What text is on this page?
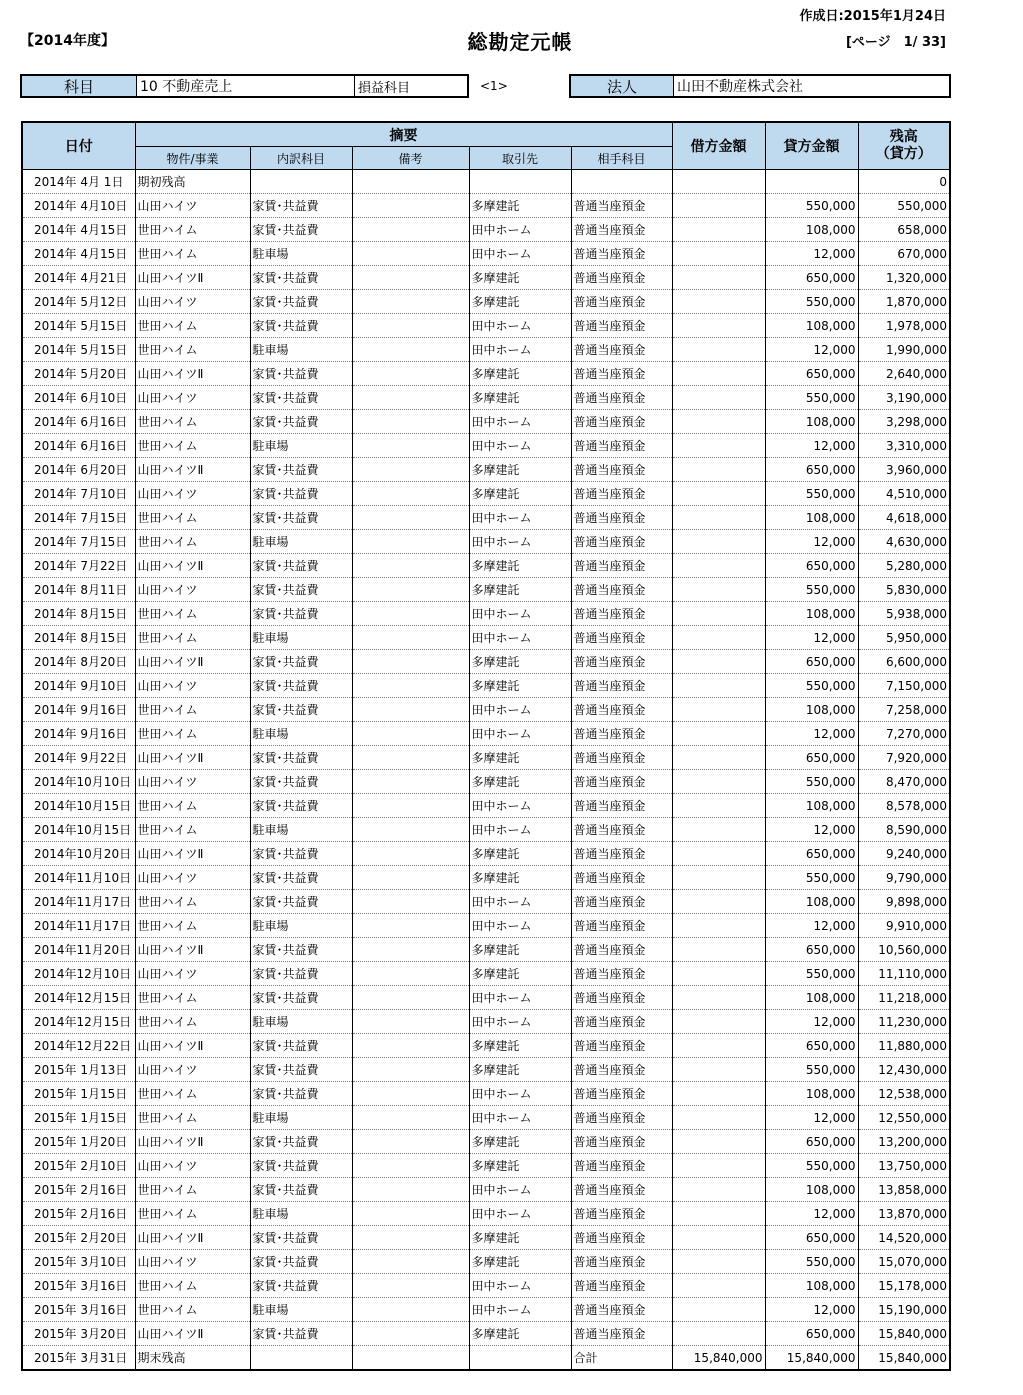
作成日:2015年1月24日
【2014年度】	総勘定元帳	[ページ　1/ 33]
科目	10 不動産売上	損益科目	<1>	法人	山田不動産株式会社
日付	摘要					借方金額	貸方金額	残高
（貸方）
	物件/事業	内訳科目	備考	取引先	相手科目			
2014年 4月 1日	期初残高							0
2014年 4月10日	山田ハイツ	家賃･共益費		多摩建託	普通当座預金		550,000	550,000
2014年 4月15日	世田ハイム	家賃･共益費		田中ホーム	普通当座預金		108,000	658,000
2014年 4月15日	世田ハイム	駐車場		田中ホーム	普通当座預金		12,000	670,000
2014年 4月21日	山田ハイツⅡ	家賃･共益費		多摩建託	普通当座預金		650,000	1,320,000
2014年 5月12日	山田ハイツ	家賃･共益費		多摩建託	普通当座預金		550,000	1,870,000
2014年 5月15日	世田ハイム	家賃･共益費		田中ホーム	普通当座預金		108,000	1,978,000
2014年 5月15日	世田ハイム	駐車場		田中ホーム	普通当座預金		12,000	1,990,000
2014年 5月20日	山田ハイツⅡ	家賃･共益費		多摩建託	普通当座預金		650,000	2,640,000
2014年 6月10日	山田ハイツ	家賃･共益費		多摩建託	普通当座預金		550,000	3,190,000
2014年 6月16日	世田ハイム	家賃･共益費		田中ホーム	普通当座預金		108,000	3,298,000
2014年 6月16日	世田ハイム	駐車場		田中ホーム	普通当座預金		12,000	3,310,000
2014年 6月20日	山田ハイツⅡ	家賃･共益費		多摩建託	普通当座預金		650,000	3,960,000
2014年 7月10日	山田ハイツ	家賃･共益費		多摩建託	普通当座預金		550,000	4,510,000
2014年 7月15日	世田ハイム	家賃･共益費		田中ホーム	普通当座預金		108,000	4,618,000
2014年 7月15日	世田ハイム	駐車場		田中ホーム	普通当座預金		12,000	4,630,000
2014年 7月22日	山田ハイツⅡ	家賃･共益費		多摩建託	普通当座預金		650,000	5,280,000
2014年 8月11日	山田ハイツ	家賃･共益費		多摩建託	普通当座預金		550,000	5,830,000
2014年 8月15日	世田ハイム	家賃･共益費		田中ホーム	普通当座預金		108,000	5,938,000
2014年 8月15日	世田ハイム	駐車場		田中ホーム	普通当座預金		12,000	5,950,000
2014年 8月20日	山田ハイツⅡ	家賃･共益費		多摩建託	普通当座預金		650,000	6,600,000
2014年 9月10日	山田ハイツ	家賃･共益費		多摩建託	普通当座預金		550,000	7,150,000
2014年 9月16日	世田ハイム	家賃･共益費		田中ホーム	普通当座預金		108,000	7,258,000
2014年 9月16日	世田ハイム	駐車場		田中ホーム	普通当座預金		12,000	7,270,000
2014年 9月22日	山田ハイツⅡ	家賃･共益費		多摩建託	普通当座預金		650,000	7,920,000
2014年10月10日	山田ハイツ	家賃･共益費		多摩建託	普通当座預金		550,000	8,470,000
2014年10月15日	世田ハイム	家賃･共益費		田中ホーム	普通当座預金		108,000	8,578,000
2014年10月15日	世田ハイム	駐車場		田中ホーム	普通当座預金		12,000	8,590,000
2014年10月20日	山田ハイツⅡ	家賃･共益費		多摩建託	普通当座預金		650,000	9,240,000
2014年11月10日	山田ハイツ	家賃･共益費		多摩建託	普通当座預金		550,000	9,790,000
2014年11月17日	世田ハイム	家賃･共益費		田中ホーム	普通当座預金		108,000	9,898,000
2014年11月17日	世田ハイム	駐車場		田中ホーム	普通当座預金		12,000	9,910,000
2014年11月20日	山田ハイツⅡ	家賃･共益費		多摩建託	普通当座預金		650,000	10,560,000
2014年12月10日	山田ハイツ	家賃･共益費		多摩建託	普通当座預金		550,000	11,110,000
2014年12月15日	世田ハイム	家賃･共益費		田中ホーム	普通当座預金		108,000	11,218,000
2014年12月15日	世田ハイム	駐車場		田中ホーム	普通当座預金		12,000	11,230,000
2014年12月22日	山田ハイツⅡ	家賃･共益費		多摩建託	普通当座預金		650,000	11,880,000
2015年 1月13日	山田ハイツ	家賃･共益費		多摩建託	普通当座預金		550,000	12,430,000
2015年 1月15日	世田ハイム	家賃･共益費		田中ホーム	普通当座預金		108,000	12,538,000
2015年 1月15日	世田ハイム	駐車場		田中ホーム	普通当座預金		12,000	12,550,000
2015年 1月20日	山田ハイツⅡ	家賃･共益費		多摩建託	普通当座預金		650,000	13,200,000
2015年 2月10日	山田ハイツ	家賃･共益費		多摩建託	普通当座預金		550,000	13,750,000
2015年 2月16日	世田ハイム	家賃･共益費		田中ホーム	普通当座預金		108,000	13,858,000
2015年 2月16日	世田ハイム	駐車場		田中ホーム	普通当座預金		12,000	13,870,000
2015年 2月20日	山田ハイツⅡ	家賃･共益費		多摩建託	普通当座預金		650,000	14,520,000
2015年 3月10日	山田ハイツ	家賃･共益費		多摩建託	普通当座預金		550,000	15,070,000
2015年 3月16日	世田ハイム	家賃･共益費		田中ホーム	普通当座預金		108,000	15,178,000
2015年 3月16日	世田ハイム	駐車場		田中ホーム	普通当座預金		12,000	15,190,000
2015年 3月20日	山田ハイツⅡ	家賃･共益費		多摩建託	普通当座預金		650,000	15,840,000
2015年 3月31日	期末残高				合計	15,840,000	15,840,000	15,840,000
